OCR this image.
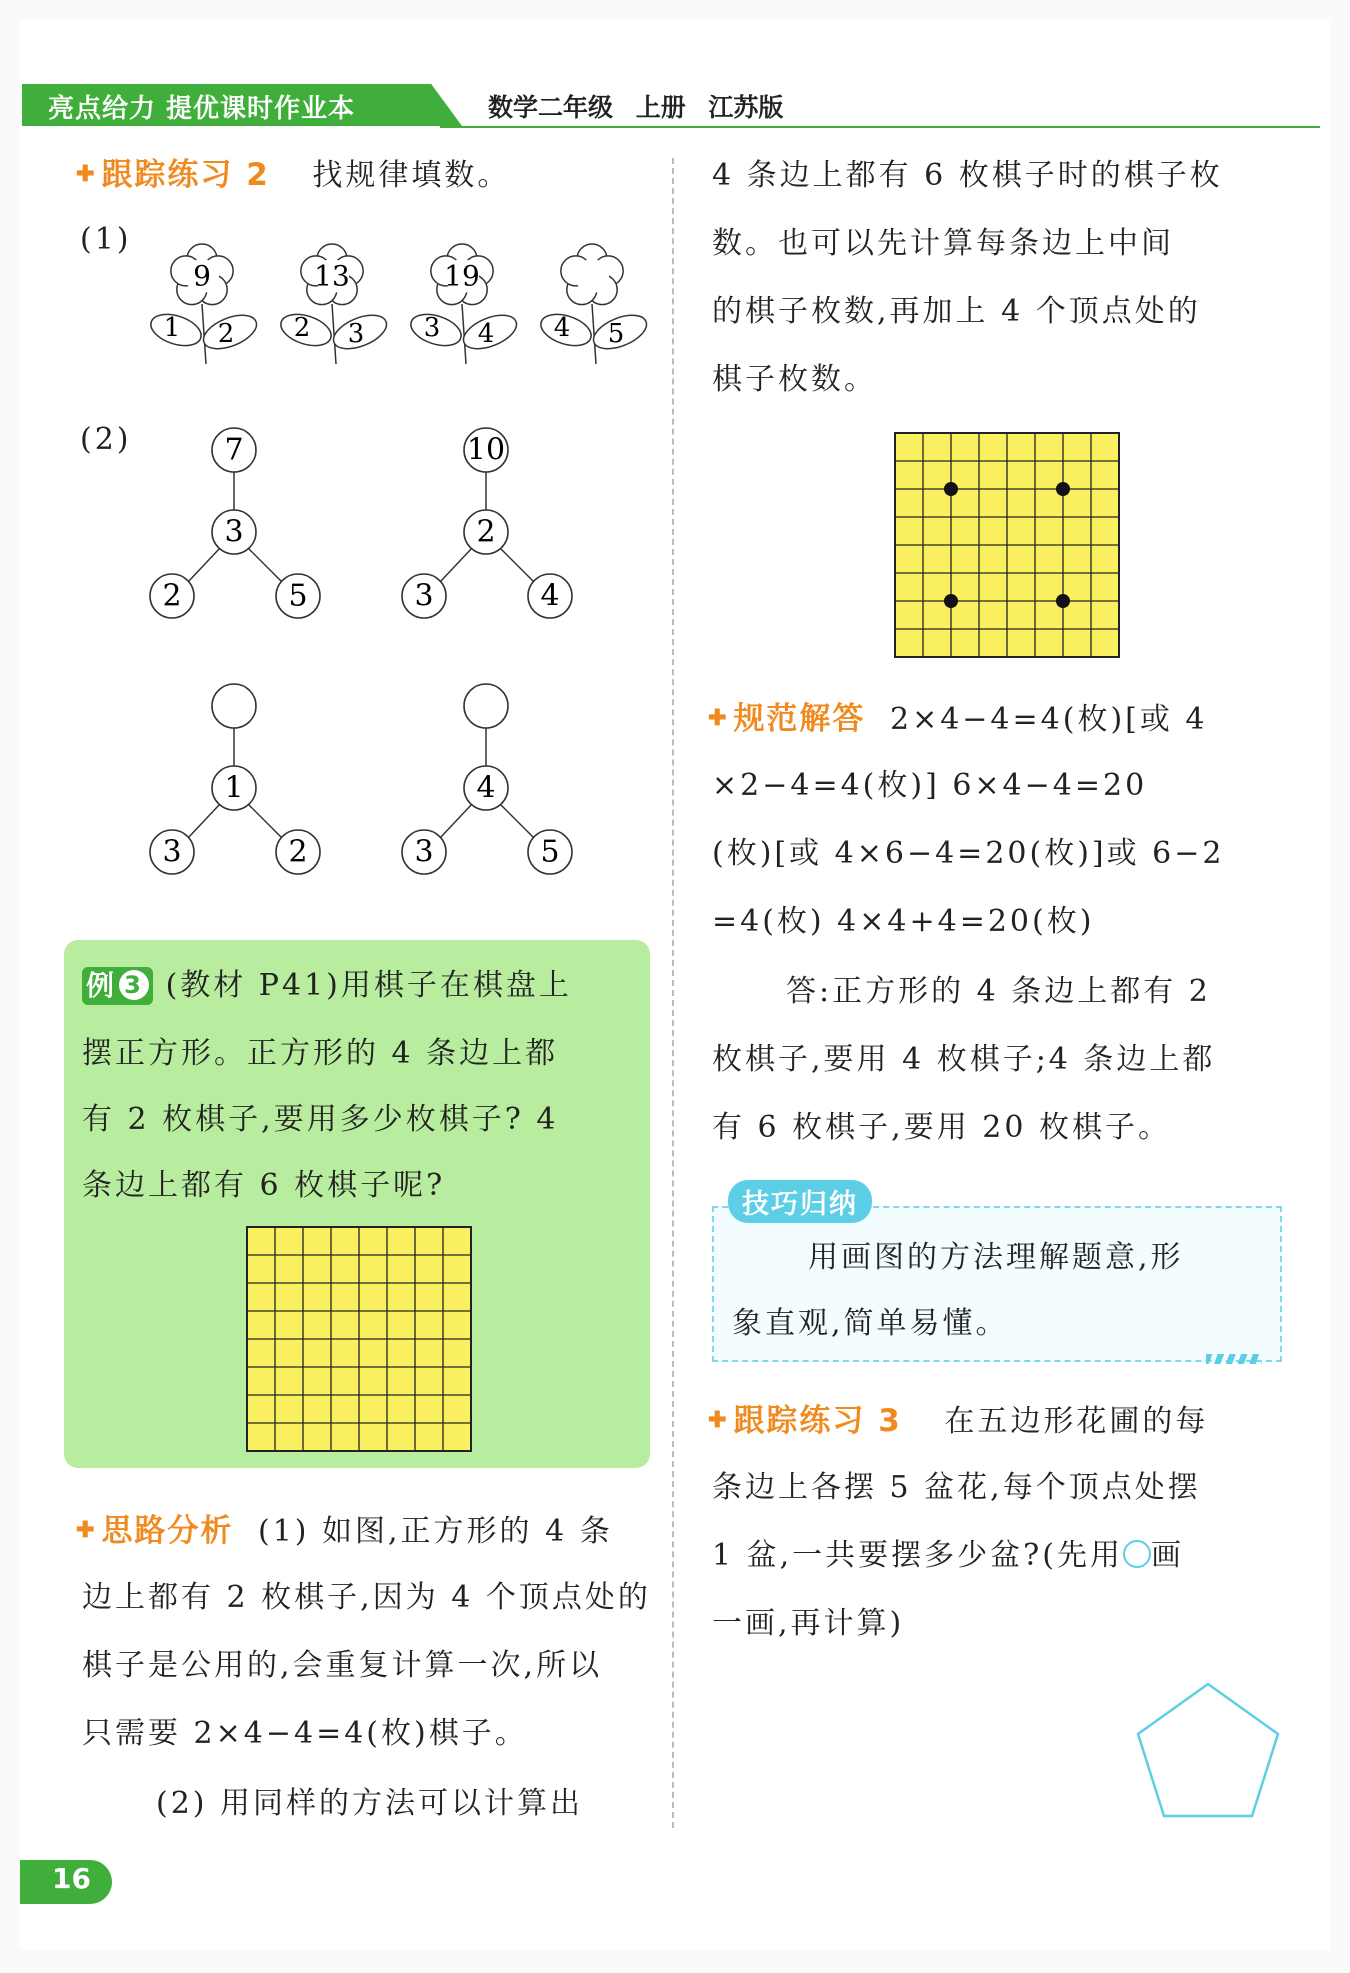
亮点给力 提优课时作业本	数学二年级 上册 江苏版
✚ 跟踪练习 2 找规律填数。
(1)
(2)
9
1 2
13
2 3
19
3 4 4 5
7
3
2	5
10
2
3	4
1
3	2
4
3	5
例 3 (教材 P41)用棋子在棋盘上
摆正方形。正方形的 4 条边上都
有 2 枚棋子,要用多少枚棋子? 4
条边上都有 6 枚棋子呢?
✚ 思路分析 (1) 如图,正方形的 4 条
边上都有 2 枚棋子,因为 4 个顶点处的
棋子是公用的,会重复计算一次,所以
只需要 2×4−4=4(枚)棋子。
(2) 用同样的方法可以计算出
4 条边上都有 6 枚棋子时的棋子枚
数。也可以先计算每条边上中间
的棋子枚数,再加上 4 个顶点处的
棋子枚数。
✚ 规范解答 2×4−4=4(枚)[或 4
×2−4=4(枚)] 6×4−4=20
(枚)[或 4×6−4=20(枚)]或 6−2
=4(枚) 4×4+4=20(枚)
答:正方形的 4 条边上都有 2
枚棋子,要用 4 枚棋子;4 条边上都
有 6 枚棋子,要用 20 枚棋子。
技巧归纳
用画图的方法理解题意,形
象直观,简单易懂。
✚ 跟踪练习 3 在五边形花圃的每
条边上各摆 5 盆花,每个顶点处摆
1 盆,一共要摆多少盆?(先用 画
一画,再计算)
16
